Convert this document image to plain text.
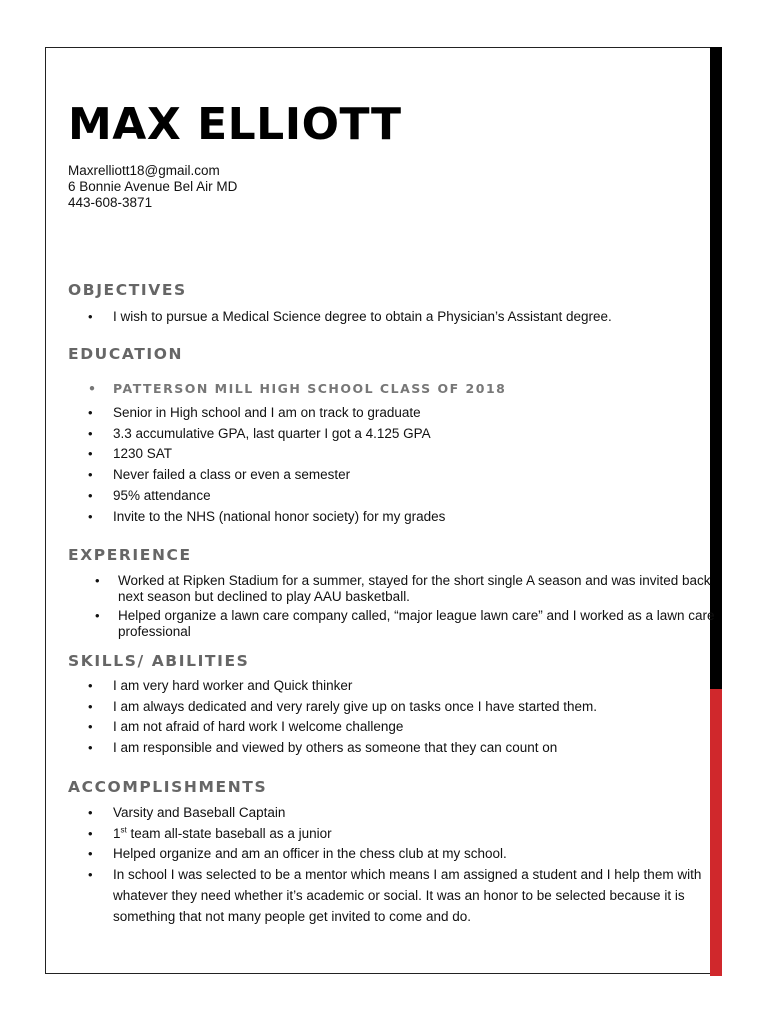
MAX ELLIOTT
Maxrelliott18@gmail.com
6 Bonnie Avenue Bel Air MD
443-608-3871
OBJECTIVES
• I wish to pursue a Medical Science degree to obtain a Physician’s Assistant degree.
EDUCATION
• PATTERSON MILL HIGH SCHOOL CLASS OF 2018
• Senior in High school and I am on track to graduate
• 3.3 accumulative GPA, last quarter I got a 4.125 GPA
• 1230 SAT
• Never failed a class or even a semester
• 95% attendance
• Invite to the NHS (national honor society) for my grades
EXPERIENCE
• Worked at Ripken Stadium for a summer, stayed for the short single A season and was invited back next season but declined to play AAU basketball.
• Helped organize a lawn care company called, “major league lawn care” and I worked as a lawn care professional
SKILLS/ ABILITIES
• I am very hard worker and Quick thinker
• I am always dedicated and very rarely give up on tasks once I have started them.
• I am not afraid of hard work I welcome challenge
• I am responsible and viewed by others as someone that they can count on
ACCOMPLISHMENTS
• Varsity and Baseball Captain
• 1st team all-state baseball as a junior
• Helped organize and am an officer in the chess club at my school.
• In school I was selected to be a mentor which means I am assigned a student and I help them with whatever they need whether it’s academic or social. It was an honor to be selected because it is something that not many people get invited to come and do.
